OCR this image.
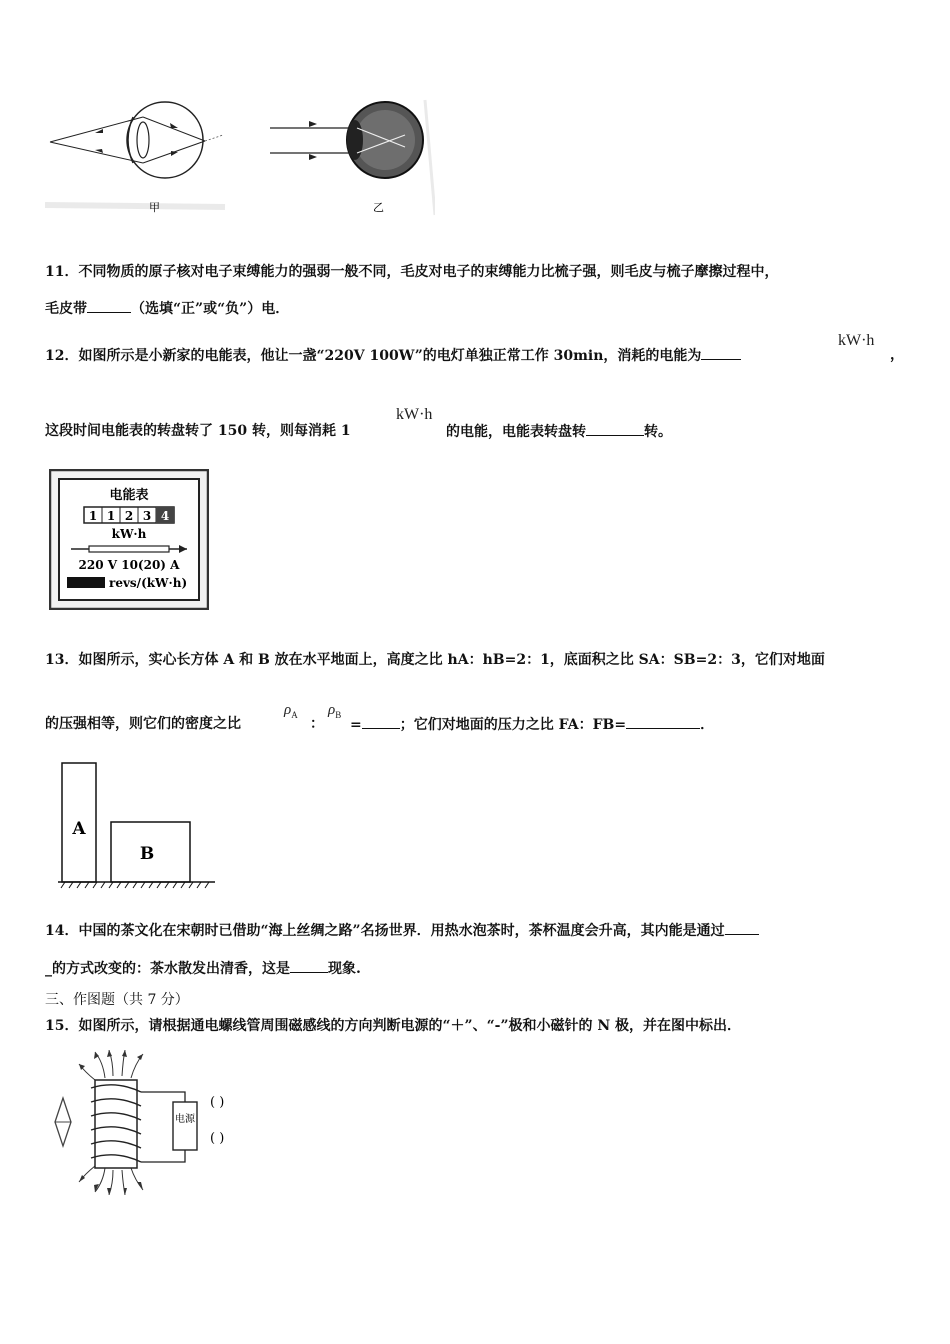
甲	乙
11．不同物质的原子核对电子束缚能力的强弱一般不同，毛皮对电子的束缚能力比梳子强，则毛皮与梳子摩擦过程中，
毛皮带	（选填“正”或“负”）电．
12．如图所示是小新家的电能表，他让一盏“220V 100W”的电灯单独正常工作 30min，消耗的电能为
kW·h
，
这段时间电能表的转盘转了 150 转，则每消耗 1
kW·h
的电能，电能表转盘转	转。
电能表
1 1 2 3 4
kW·h
220 V 10(20) A
revs/(kW·h)
13．如图所示，实心长方体 A 和 B 放在水平地面上，高度之比 hA：hB=2：1，底面积之比 SA：SB=2：3，它们对地面
的压强相等，则它们的密度之比
$\rho_A$
：
$\rho_B$
=	；它们对地面的压力之比 FA：FB=	．
A
B
14．中国的茶文化在宋朝时已借助“海上丝绸之路”名扬世界．用热水泡茶时，茶杯温度会升高，其内能是通过
_的方式改变的：茶水散发出清香，这是	现象.
三、作图题（共 7 分）
15．如图所示，请根据通电螺线管周围磁感线的方向判断电源的“＋”、“-”极和小磁针的 N 极，并在图中标出．
电源
( )
( )
